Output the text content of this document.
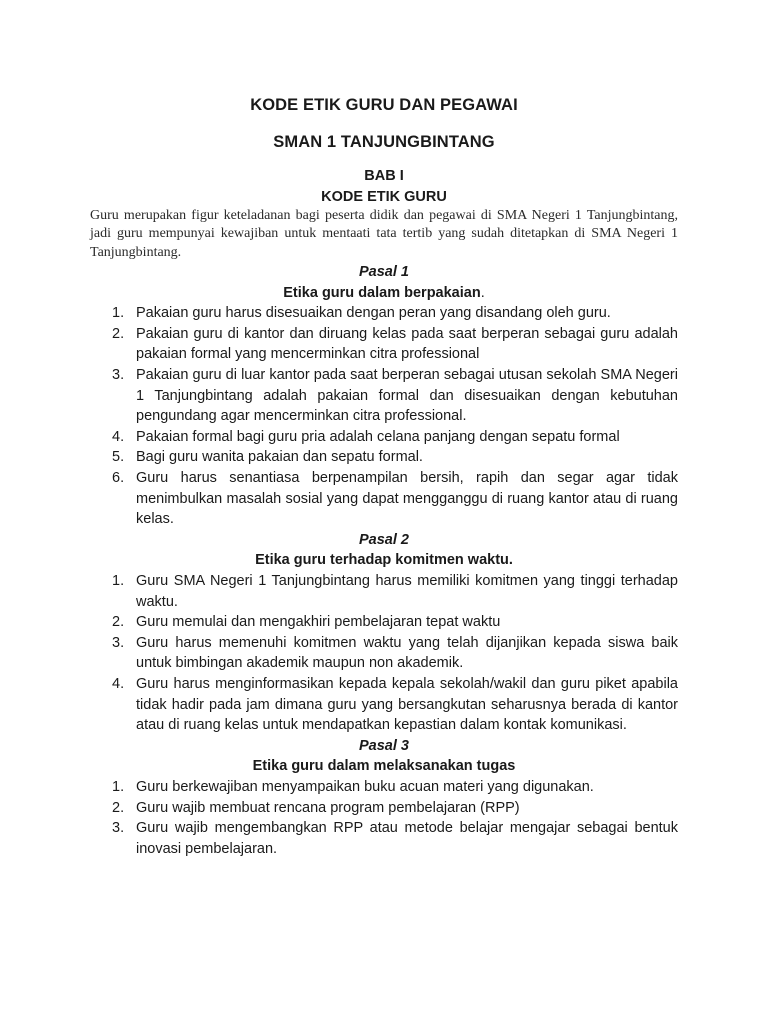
KODE ETIK GURU DAN PEGAWAI
SMAN 1 TANJUNGBINTANG
BAB I
KODE ETIK GURU

Guru merupakan figur keteladanan bagi peserta didik dan pegawai di SMA Negeri 1 Tanjungbintang, jadi guru mempunyai kewajiban untuk mentaati tata tertib yang sudah ditetapkan di SMA Negeri 1 Tanjungbintang.

Pasal 1
Etika guru dalam berpakaian.
1. Pakaian guru harus disesuaikan dengan peran yang disandang oleh guru.
2. Pakaian guru di kantor dan diruang kelas pada saat berperan sebagai guru adalah pakaian formal yang mencerminkan citra professional
3. Pakaian guru di luar kantor pada saat berperan sebagai utusan sekolah SMA Negeri 1 Tanjungbintang adalah pakaian formal dan disesuaikan dengan kebutuhan pengundang agar mencerminkan citra professional.
4. Pakaian formal bagi guru pria adalah celana panjang dengan sepatu formal
5. Bagi guru wanita pakaian dan sepatu formal.
6. Guru harus senantiasa berpenampilan bersih, rapih dan segar agar tidak menimbulkan masalah sosial yang dapat mengganggu di ruang kantor atau di ruang kelas.
Pasal 2
Etika guru terhadap komitmen waktu.
1. Guru SMA Negeri 1 Tanjungbintang harus memiliki komitmen yang tinggi terhadap waktu.
2. Guru memulai dan mengakhiri pembelajaran tepat waktu
3. Guru harus memenuhi komitmen waktu yang telah dijanjikan kepada siswa baik untuk bimbingan akademik maupun non akademik.
4. Guru harus menginformasikan kepada kepala sekolah/wakil dan guru piket apabila tidak hadir pada jam dimana guru yang bersangkutan seharusnya berada di kantor atau di ruang kelas untuk mendapatkan kepastian dalam kontak komunikasi.
Pasal 3
Etika guru dalam melaksanakan tugas
1. Guru berkewajiban menyampaikan buku acuan materi yang digunakan.
2. Guru wajib membuat rencana program pembelajaran (RPP)
3. Guru wajib mengembangkan RPP atau metode belajar mengajar sebagai bentuk inovasi pembelajaran.
